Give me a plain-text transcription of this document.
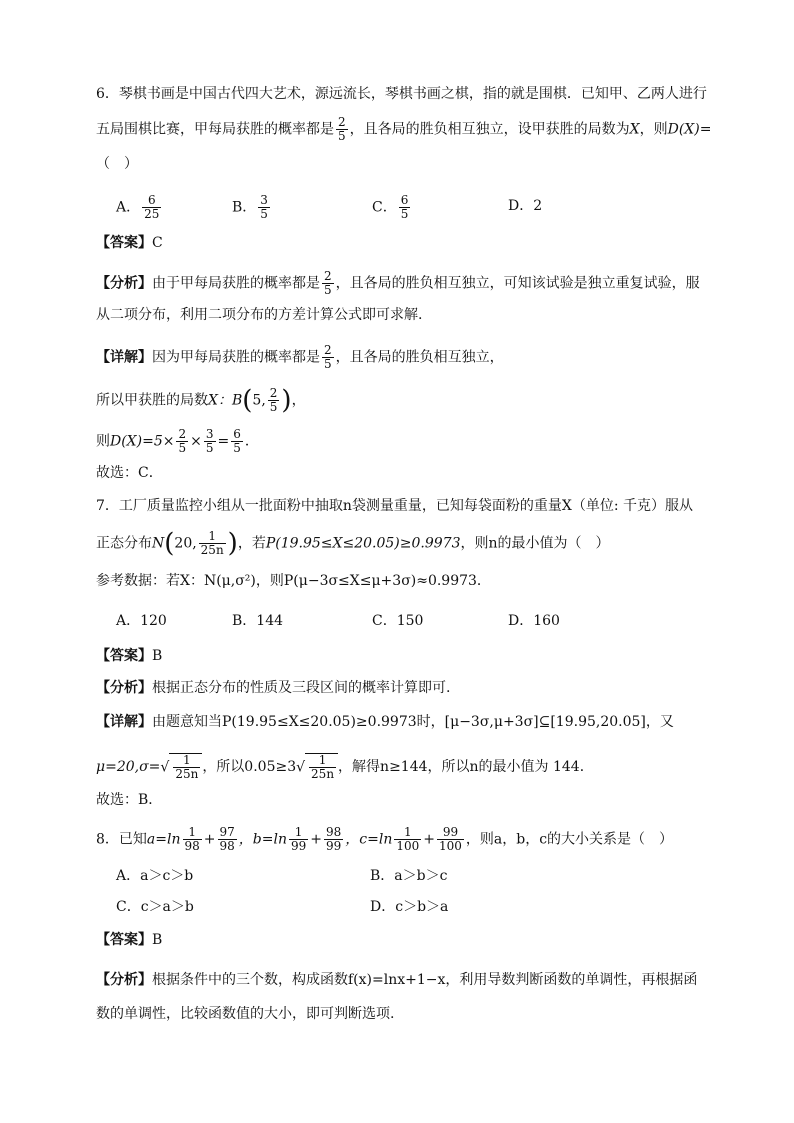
6．琴棋书画是中国古代四大艺术，源远流长，琴棋书画之棋，指的就是围棋．已知甲、乙两人进行
五局围棋比赛，甲每局获胜的概率都是 $\frac{2}{5}$ ，且各局的胜负相互独立，设甲获胜的局数为X，则D(X)=
（　）
A． $\frac{6}{25}$	B． $\frac{3}{5}$	C． $\frac{6}{5}$	D．2
【答案】C
【分析】由于甲每局获胜的概率都是 $\frac{2}{5}$ ，且各局的胜负相互独立，可知该试验是独立重复试验，服
从二项分布，利用二项分布的方差计算公式即可求解.
【详解】因为甲每局获胜的概率都是 $\frac{2}{5}$ ，且各局的胜负相互独立，
所以甲获胜的局数X：B(5, $\frac{2}{5}$ )，
则$D(X)=5\times \frac{2}{5} \times \frac{3}{5} = \frac{6}{5}$ ．
故选：C．
7．工厂质量监控小组从一批面粉中抽取n袋测量重量，已知每袋面粉的重量X（单位: 千克）服从
正态分布N(20, $\frac{1}{25n}$ )，若P(19.95≤X≤20.05)≥0.9973，则n的最小值为（　）
参考数据：若X：N(μ,σ²)，则P(μ−3σ≤X≤μ+3σ)≈0.9973．
A．120	B．144	C．150	D．160
【答案】B
【分析】根据正态分布的性质及三段区间的概率计算即可.
【详解】由题意知当P(19.95≤X≤20.05)≥0.9973时，[μ−3σ,μ+3σ]⊆[19.95,20.05]，又
$\mu=20,\sigma=√ \frac{1}{25n}$ ，所以$0.05\ge 3√ \frac{1}{25n}$ ，解得n≥144，所以n的最小值为 144．
故选：B．
8．已知$a=\ln \frac{1}{98} + \frac{97}{98}$ ，$b=\ln \frac{1}{99} + \frac{98}{99}$ ，$c=\ln \frac{1}{100} + \frac{99}{100}$ ，则a，b，c的大小关系是（　）
A．a＞c＞b	B．a＞b＞c
C．c＞a＞b	D．c＞b＞a
【答案】B
【分析】根据条件中的三个数，构成函数f(x)=lnx+1−x，利用导数判断函数的单调性，再根据函
数的单调性，比较函数值的大小，即可判断选项.
